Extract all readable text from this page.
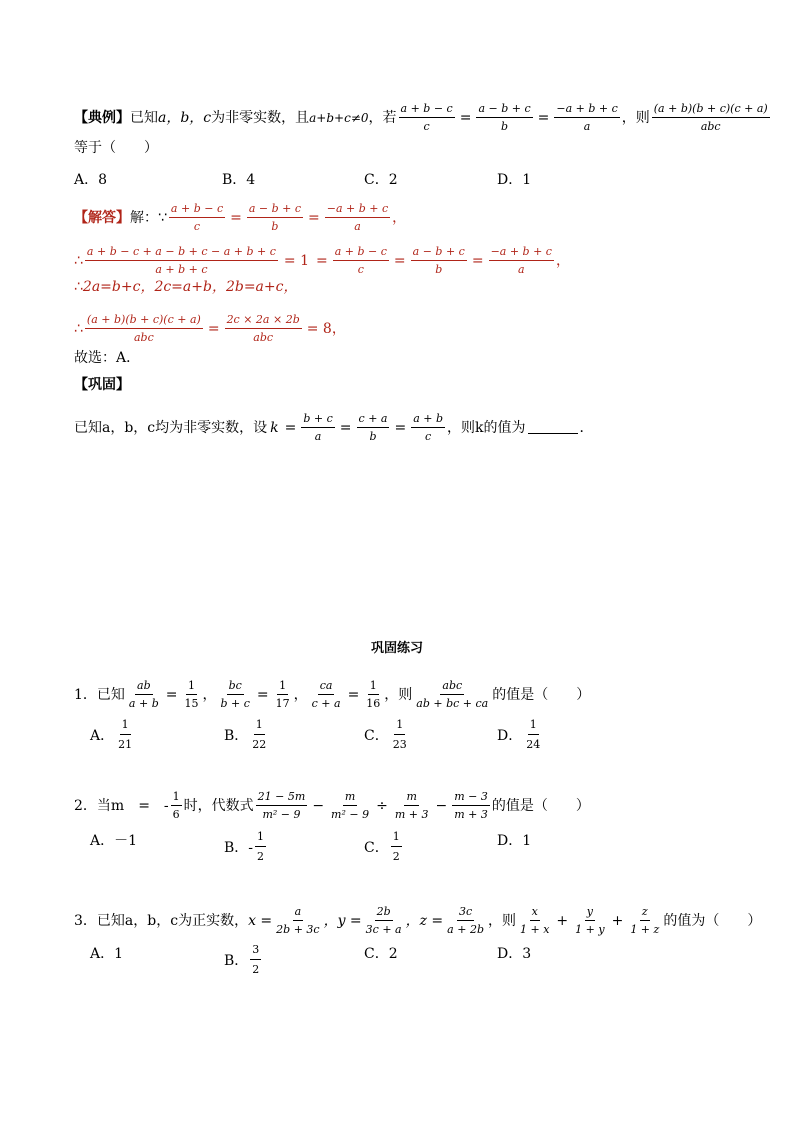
【典例】 已知 a，b，c 为非零实数，且 a+b+c≠0 ，若 $\frac{a + b - c}{c} = \frac{a - b + c}{b} = \frac{-a + b + c}{a}$ ，则 $\frac{(a + b)(b + c)(c + a)}{\text{abc}}$
等于（　　）
A．8	B．4	C．2	D．1
【解答】 解： ∵ $\frac{a + b - c}{c} = \frac{a - b + c}{b} = \frac{-a + b + c}{a}$ ，
∴ $\frac{a + b - c + a - b + c - a + b + c}{a + b + c} = 1 = \frac{a + b - c}{c} = \frac{a - b + c}{b} = \frac{-a + b + c}{a}$ ，
∴ 2a=b+c，2c=a+b，2b=a+c，
∴ $\frac{(a + b)(b + c)(c + a)}{\text{abc}} = \frac{2c \times 2a \times 2b}{\text{abc}} = 8$，
故选：A．
【巩固】
已知a，b，c均为非零实数，设 $k = \frac{b + c}{a} = \frac{c + a}{b} = \frac{a + b}{c}$ ，则k的值为	．
巩固练习
1． 已知 $\frac{ab}{a + b} = \frac{1}{15}$ ， $\frac{bc}{b + c} = \frac{1}{17}$ ， $\frac{ca}{c + a} = \frac{1}{16}$ ，则 $\frac{\text{abc}}{ab + bc + ca}$ 的值是（　　）
A． $\frac{1}{21}$	B． $\frac{1}{22}$	C． $\frac{1}{23}$	D． $\frac{1}{24}$
2． 当m　=　- $\frac{1}{6}$ 时，代数式 $\frac{21 - 5m}{\text{m² − 9}} - \frac{m}{\text{m² − 9}} \div \frac{m}{m + 3} - \frac{m - 3}{m + 3}$ 的值是（　　）
A．－1	B．- $\frac{1}{2}$	C． $\frac{1}{2}$	D．1
3． 已知a，b，c为正实数， $x = \frac{a}{2b + 3c}$ ，$y = \frac{2b}{3c + a}$ ，$z = \frac{3c}{a + 2b}$ ，则 $\frac{x}{1 + x} + \frac{y}{1 + y} + \frac{z}{1 + z}$ 的值为（　　）
A．1	B． $\frac{3}{2}$	C．2	D．3
